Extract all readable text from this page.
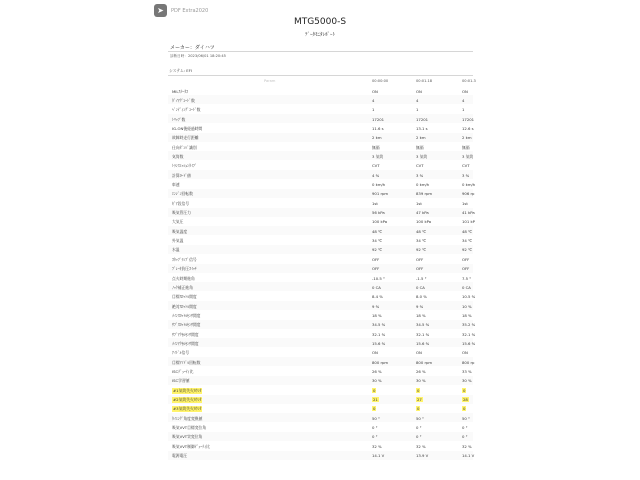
➤	PDF Extra2020
MTG5000-S
ﾃﾞｰﾀﾓﾆﾀﾚﾎﾟｰﾄ
メーカー：ダイハツ
診断日時：2023/06/01 18:20:45
システム: EFI
Param	00:00:00	00:01.18	00:01.3
MILｽﾃｰﾀｽ	ON	ON	ON
ﾀﾞｲｱｸﾞｺｰﾄﾞ数	4	4	4
ﾍﾟﾝﾃﾞｨﾝｸﾞｺｰﾄﾞ数	1	1	1
ﾄﾘｯﾌﾟ数	17201	17201	17201
IG-ON後経過時間	11.6 s	13.1 s	12.6 s
故障時走行距離	2 km	2 km	2 km
仕向ﾀﾞﾝﾊﾞ識別	無価	無価	無価
気筒数	3 気筒	3 気筒	3 気筒
ﾄﾗﾝｽﾐｯｼｮﾝﾀｲﾌﾟ	CVT	CVT	CVT
計算ﾛｰﾄﾞ値	4 %	3 %	3 %
車速	0 km/h	0 km/h	0 km/h
ｴﾝｼﾞﾝ回転数	901 rpm	839 rpm	906 rp
ｷﾞｱ段信号	1st	1st	1st
吸気管圧力	56 kPa	47 kPa	41 kPa
大気圧	100 kPa	100 kPa	101 kP
吸気温度	48 ℃	48 ℃	48 ℃
外気温	34 ℃	34 ℃	34 ℃
水温	92 ℃	92 ℃	92 ℃
ｽﾀｯﾌﾟﾗﾝﾌﾟ信号	OFF	OFF	OFF
ﾌﾞﾚｰｷ負圧ｽｲｯﾁ	OFF	OFF	OFF
点火時期進角	-10.5 °	-1.5 °	7.5 °
ﾉｯｸ補正進角	0 CA	0 CA	0 CA
目標ｽﾛｯﾄﾙ開度	8.4 %	8.0 %	10.5 %
絶対ｽﾛｯﾄﾙ開度	9 %	9 %	10 %
ﾒｲﾝｽﾛｯﾄﾙｾﾝｻ開度	18 %	18 %	18 %
ｻﾌﾞｽﾛｯﾄﾙｾﾝｻ開度	34.5 %	34.5 %	35.2 %
ｻﾌﾞｱｸｾﾙｾﾝｻ開度	32.1 %	32.1 %	32.1 %
ﾒｲﾝｱｸｾﾙｾﾝｻ開度	15.6 %	15.6 %	15.6 %
ｱｲﾄﾞﾙ信号	ON	ON	ON
目標ｱｲﾄﾞﾙ回転数	800 rpm	800 rpm	800 rp
ISCﾃﾞｭｰﾃｨ比	26 %	26 %	33 %
ISC学習値	30 %	30 %	30 %
#1気筒失火ｶｳﾝﾀ	0	0	0
#2気筒失火ｶｳﾝﾀ	21	27	28
#3気筒失火ｶｳﾝﾀ	0	0	0
ﾀｲﾐﾝｸﾞ角度変換値	50 °	50 °	50 °
吸気VVT目標変位角	0 °	0 °	0 °
吸気VVT実変位角	0 °	0 °	0 °
吸気VVT制御ﾃﾞｭｰﾃｨ比	32 %	32 %	32 %
電源電圧	14.1 V	13.9 V	14.1 V
